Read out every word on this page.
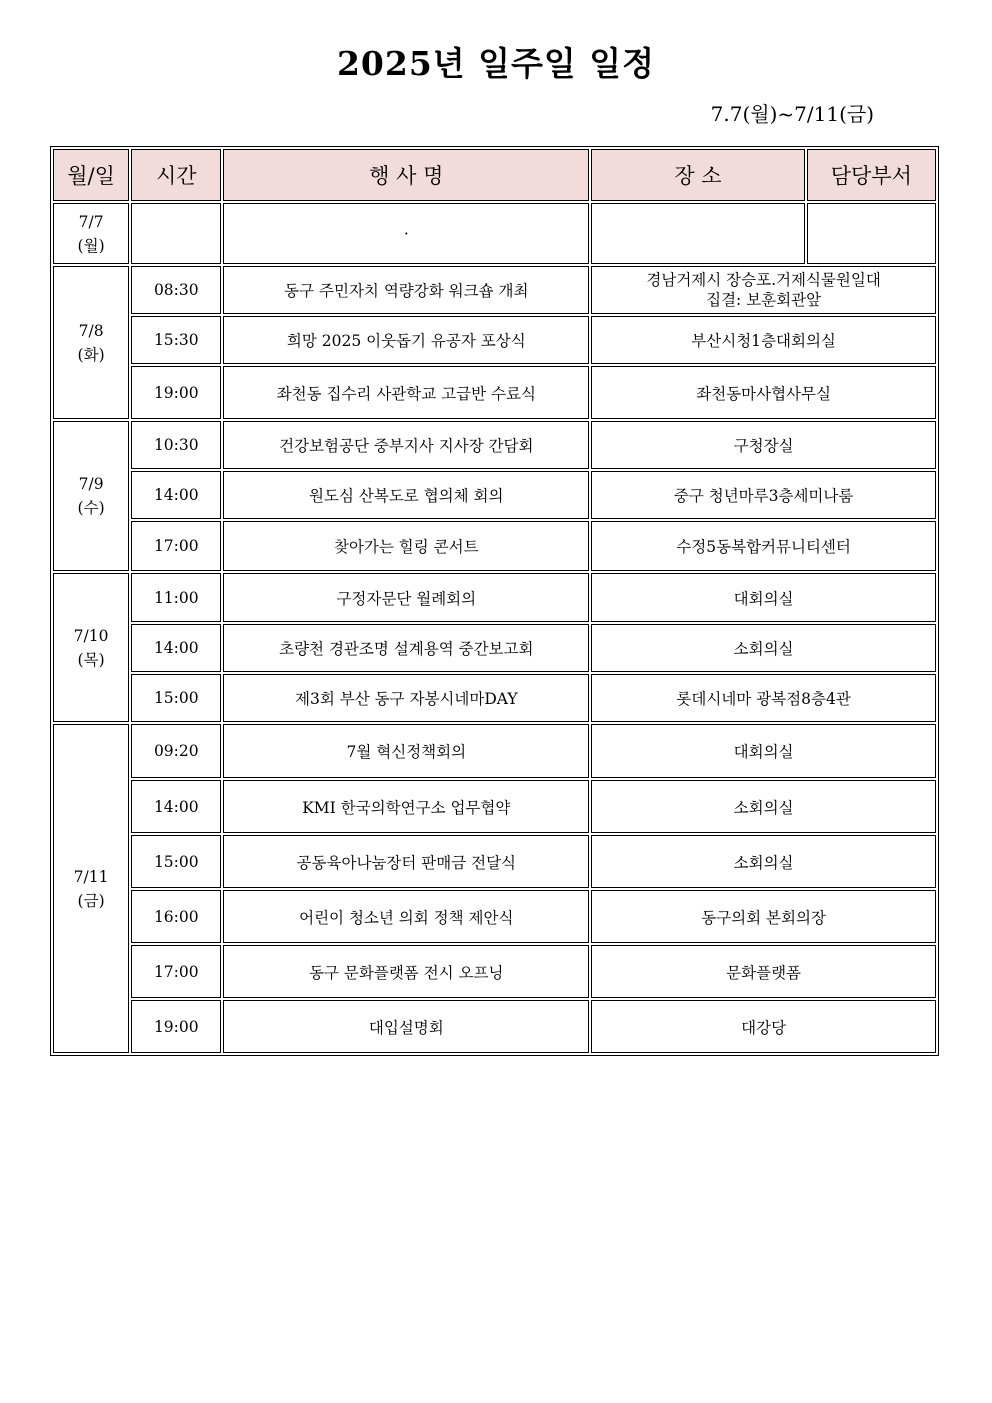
2025년 일주일 일정
7.7(월)~7/11(금)
월/일	시간	행 사 명	장 소	담당부서
7/7
(월)		·		
7/8
(화)	08:30	동구 주민자치 역량강화 워크숍 개최	경남거제시 장승포.거제식물원일대
집결: 보훈회관앞	
	15:30	희망 2025 이웃돕기 유공자 포상식	부산시청1층대회의실	
	19:00	좌천동 집수리 사관학교 고급반 수료식	좌천동마사협사무실	
7/9
(수)	10:30	건강보험공단 중부지사 지사장 간담회	구청장실	
	14:00	원도심 산복도로 협의체 회의	중구 청년마루3층세미나룸	
	17:00	찾아가는 힐링 콘서트	수정5동복합커뮤니티센터	
7/10
(목)	11:00	구정자문단 월례회의	대회의실	
	14:00	초량천 경관조명 설계용역 중간보고회	소회의실	
	15:00	제3회 부산 동구 자봉시네마DAY	롯데시네마 광복점8층4관	
7/11
(금)	09:20	7월 혁신정책회의	대회의실	
	14:00	KMI 한국의학연구소 업무협약	소회의실	
	15:00	공동육아나눔장터 판매금 전달식	소회의실	
	16:00	어린이 청소년 의회 정책 제안식	동구의회 본회의장	
	17:00	동구 문화플랫폼 전시 오프닝	문화플랫폼	
	19:00	대입설명회	대강당	
